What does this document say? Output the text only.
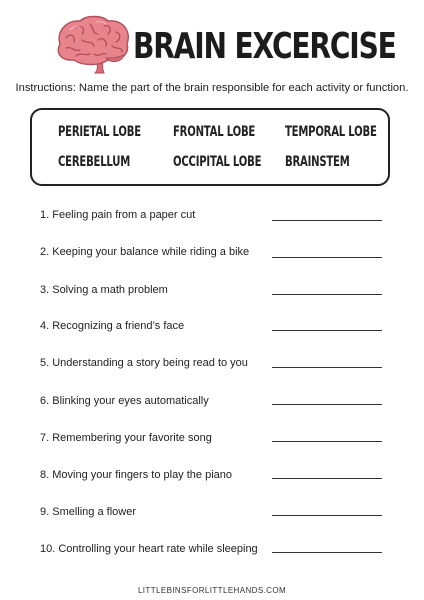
BRAIN EXCERCISE
Instructions: Name the part of the brain responsible for each activity or function.
PERIETAL LOBE FRONTAL LOBE TEMPORAL LOBE
CEREBELLUM	OCCIPITAL LOBE BRAINSTEM
1. Feeling pain from a paper cut
2. Keeping your balance while riding a bike
3. Solving a math problem
4. Recognizing a friend’s face
5. Understanding a story being read to you
6. Blinking your eyes automatically
7. Remembering your favorite song
8. Moving your fingers to play the piano
9. Smelling a flower
10. Controlling your heart rate while sleeping
LITTLEBINSFORLITTLEHANDS.COM
